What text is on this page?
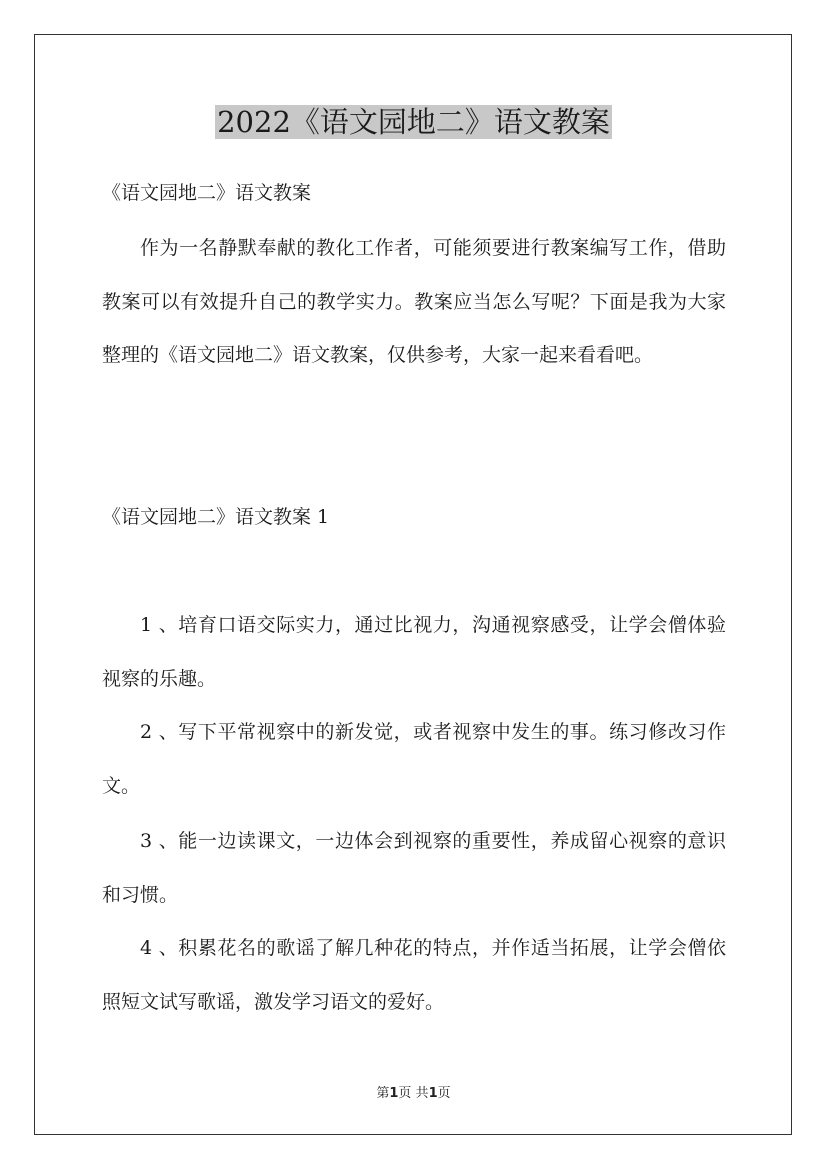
2022《语文园地二》语文教案
《语文园地二》语文教案
作为一名静默奉献的教化工作者，可能须要进行教案编写工作，借助教案可以有效提升自己的教学实力。教案应当怎么写呢？下面是我为大家整理的《语文园地二》语文教案，仅供参考，大家一起来看看吧。
《语文园地二》语文教案 1
1 、培育口语交际实力，通过比视力，沟通视察感受，让学会僧体验视察的乐趣。
2 、写下平常视察中的新发觉，或者视察中发生的事。练习修改习作文。
3 、能一边读课文，一边体会到视察的重要性，养成留心视察的意识和习惯。
4 、积累花名的歌谣了解几种花的特点，并作适当拓展，让学会僧依照短文试写歌谣，激发学习语文的爱好。
第1页 共1页
